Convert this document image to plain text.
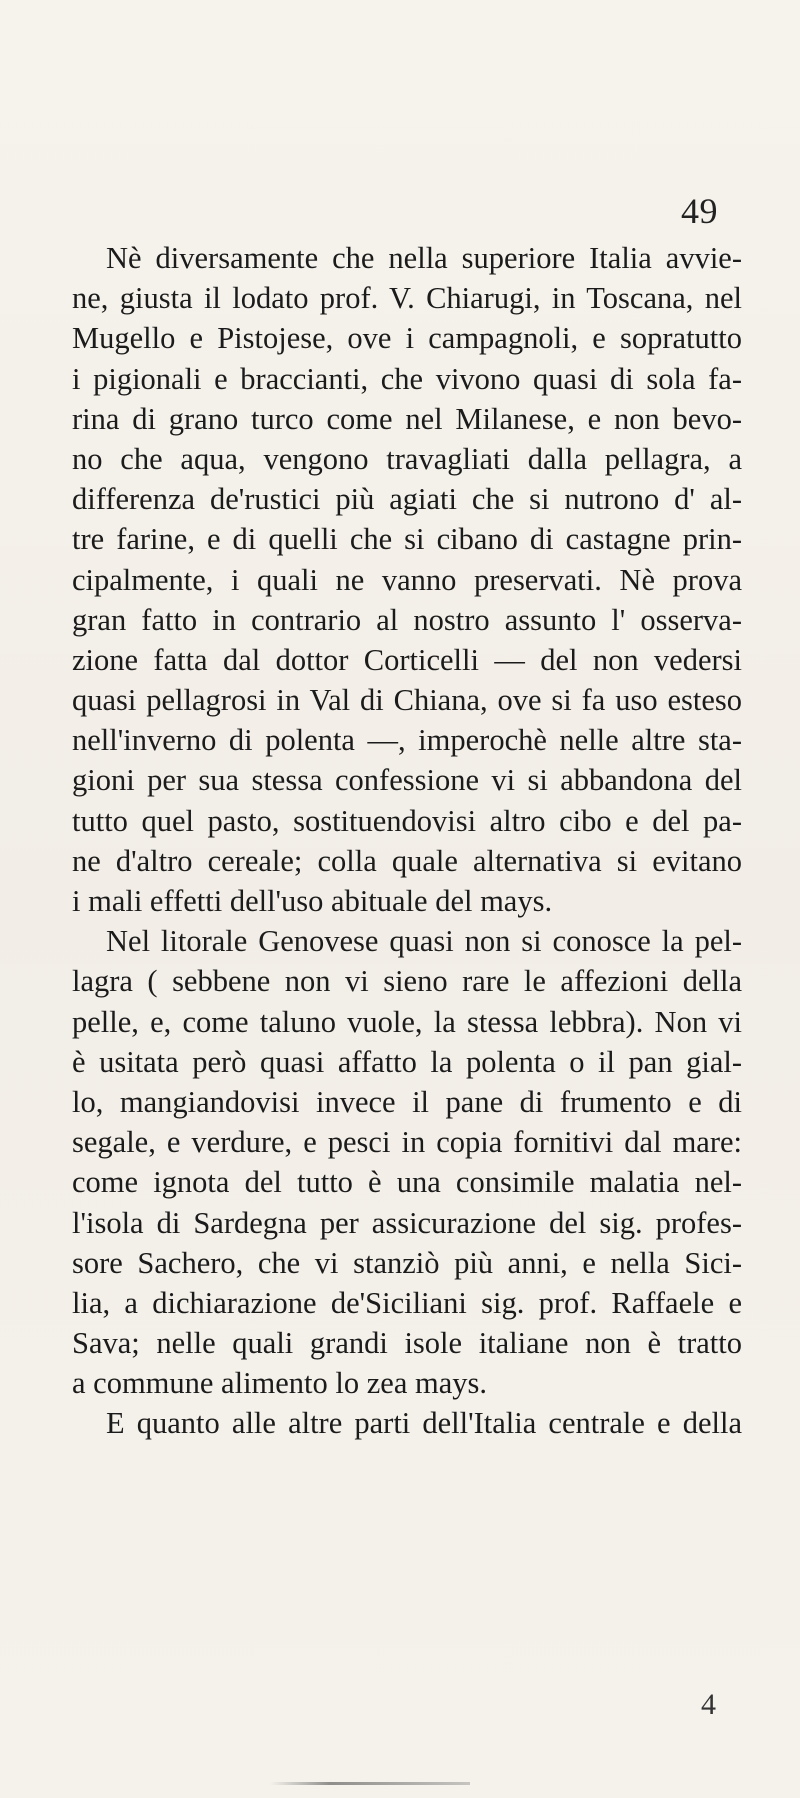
49
Nè diversamente che nella superiore Italia avvie-
ne, giusta il lodato prof. V. Chiarugi, in Toscana, nel
Mugello e Pistojese, ove i campagnoli, e sopratutto
i pigionali e braccianti, che vivono quasi di sola fa-
rina di grano turco come nel Milanese, e non bevo-
no che aqua, vengono travagliati dalla pellagra, a
differenza de'rustici più agiati che si nutrono d' al-
tre farine, e di quelli che si cibano di castagne prin-
cipalmente, i quali ne vanno preservati. Nè prova
gran fatto in contrario al nostro assunto l' osserva-
zione fatta dal dottor Corticelli — del non vedersi
quasi pellagrosi in Val di Chiana, ove si fa uso esteso
nell'inverno di polenta —, imperochè nelle altre sta-
gioni per sua stessa confessione vi si abbandona del
tutto quel pasto, sostituendovisi altro cibo e del pa-
ne d'altro cereale; colla quale alternativa si evitano
i mali effetti dell'uso abituale del mays.
Nel litorale Genovese quasi non si conosce la pel-
lagra ( sebbene non vi sieno rare le affezioni della
pelle, e, come taluno vuole, la stessa lebbra). Non vi
è usitata però quasi affatto la polenta o il pan gial-
lo, mangiandovisi invece il pane di frumento e di
segale, e verdure, e pesci in copia fornitivi dal mare:
come ignota del tutto è una consimile malatia nel-
l'isola di Sardegna per assicurazione del sig. profes-
sore Sachero, che vi stanziò più anni, e nella Sici-
lia, a dichiarazione de'Siciliani sig. prof. Raffaele e
Sava; nelle quali grandi isole italiane non è tratto
a commune alimento lo zea mays.
E quanto alle altre parti dell'Italia centrale e della
4
